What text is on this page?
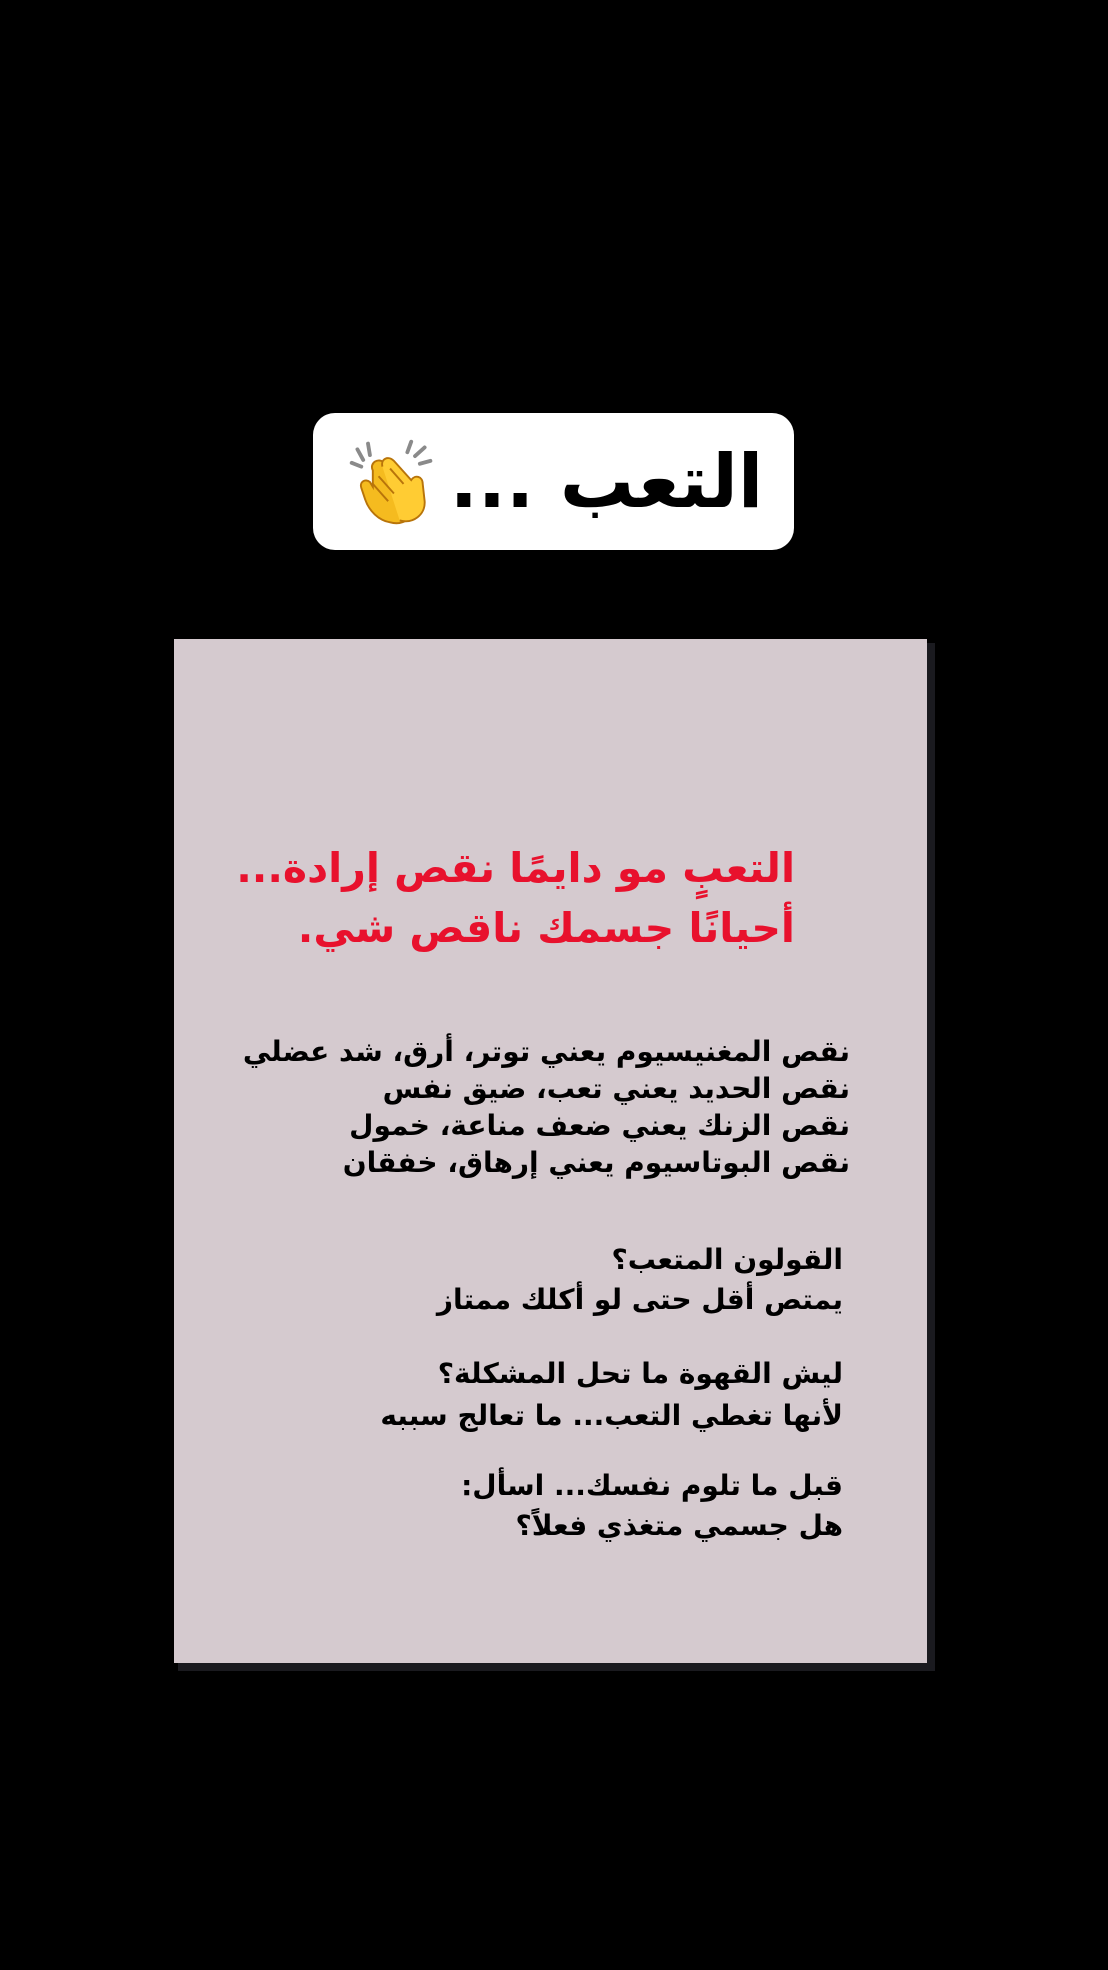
التعب ...
التعبٍ مو دايمًا نقص إرادة...
أحيانًا جسمك ناقص شي.
نقص المغنيسيوم يعني توتر، أرق، شد عضلي
نقص الحديد يعني تعب، ضيق نفس
نقص الزنك يعني ضعف مناعة، خمول
نقص البوتاسيوم يعني إرهاق، خفقان
القولون المتعب؟
يمتص أقل حتى لو أكلك ممتاز
ليش القهوة ما تحل المشكلة؟
لأنها تغطي التعب... ما تعالج سببه
قبل ما تلوم نفسك... اسأل:
هل جسمي متغذي فعلاً؟
